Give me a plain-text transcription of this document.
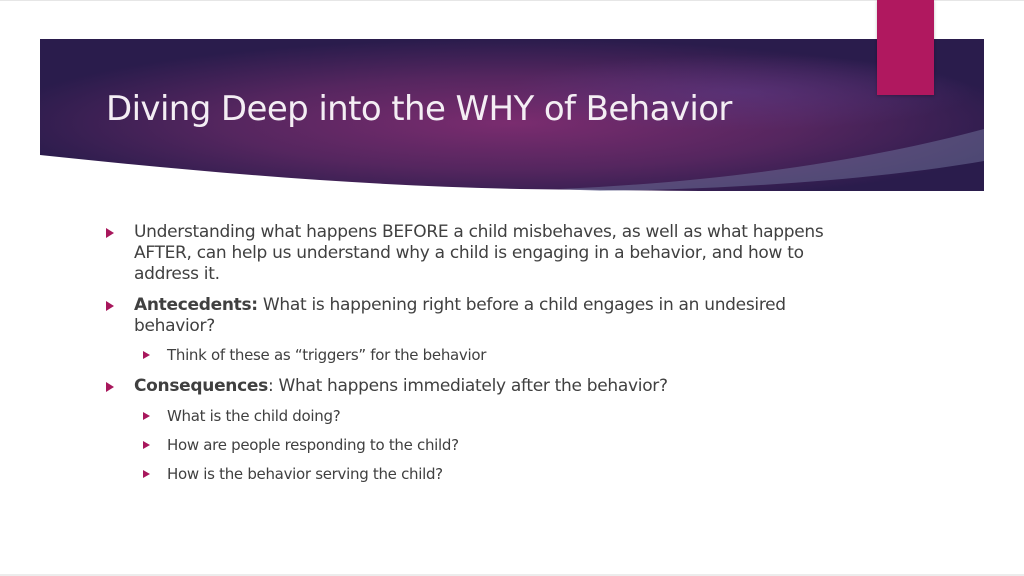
Diving Deep into the WHY of Behavior
Understanding what happens BEFORE a child misbehaves, as well as what happens AFTER, can help us understand why a child is engaging in a behavior, and how to address it.
Antecedents: What is happening right before a child engages in an undesired behavior?
Think of these as “triggers” for the behavior
Consequences: What happens immediately after the behavior?
What is the child doing?
How are people responding to the child?
How is the behavior serving the child?
